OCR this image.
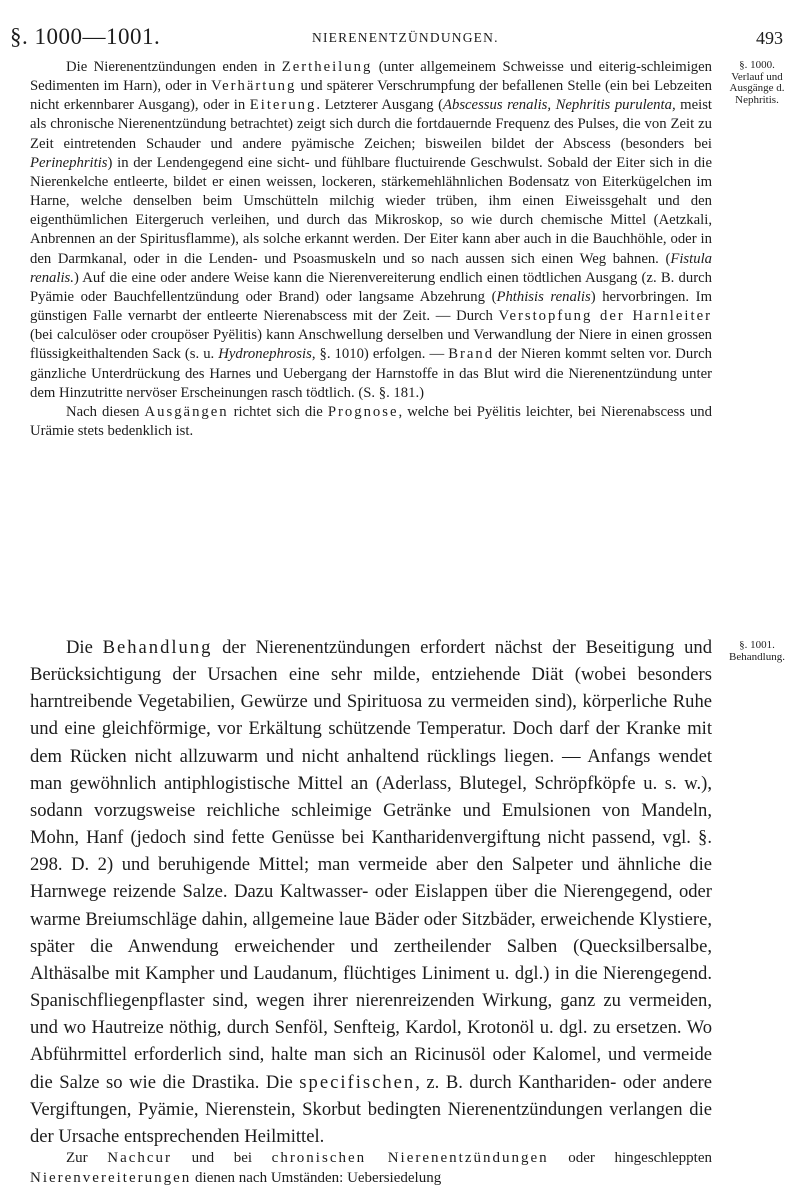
§. 1000—1001.	NIERENENTZÜNDUNGEN.	493
§. 1000.
Verlauf und Ausgänge d. Nephritis.

Die Nierenentzündungen enden in Zertheilung (unter allgemeinem Schweisse und eiterig-schleimigen Sedimenten im Harn), oder in Verhärtung und späterer Verschrumpfung der befallenen Stelle (ein bei Lebzeiten nicht erkennbarer Ausgang), oder in Eiterung. Letzterer Ausgang (Abscessus renalis, Nephritis purulenta, meist als chronische Nierenentzündung betrachtet) zeigt sich durch die fortdauernde Frequenz des Pulses, die von Zeit zu Zeit eintretenden Schauder und andere pyämische Zeichen; bisweilen bildet der Abscess (besonders bei Perinephritis) in der Lendengegend eine sicht- und fühlbare fluctuirende Geschwulst. Sobald der Eiter sich in die Nierenkelche entleerte, bildet er einen weissen, lockeren, stärkemehlähnlichen Bodensatz von Eiterkügelchen im Harne, welche denselben beim Umschütteln milchig wieder trüben, ihm einen Eiweissgehalt und den eigenthümlichen Eitergeruch verleihen, und durch das Mikroskop, so wie durch chemische Mittel (Aetzkali, Anbrennen an der Spiritusflamme), als solche erkannt werden. Der Eiter kann aber auch in die Bauchhöhle, oder in den Darmkanal, oder in die Lenden- und Psoasmuskeln und so nach aussen sich einen Weg bahnen. (Fistula renalis.) Auf die eine oder andere Weise kann die Nierenvereiterung endlich einen tödtlichen Ausgang (z. B. durch Pyämie oder Bauchfellentzündung oder Brand) oder langsame Abzehrung (Phthisis renalis) hervorbringen. Im günstigen Falle vernarbt der entleerte Nierenabscess mit der Zeit. — Durch Verstopfung der Harnleiter (bei calculöser oder croupöser Pyëlitis) kann Anschwellung derselben und Verwandlung der Niere in einen grossen flüssigkeithaltenden Sack (s. u. Hydronephrosis, §. 1010) erfolgen. — Brand der Nieren kommt selten vor. Durch gänzliche Unterdrückung des Harnes und Uebergang der Harnstoffe in das Blut wird die Nierenentzündung unter dem Hinzutritte nervöser Erscheinungen rasch tödtlich. (S. §. 181.)

Nach diesen Ausgängen richtet sich die Prognose, welche bei Pyëlitis leichter, bei Nierenabscess und Urämie stets bedenklich ist.

§. 1001.
Behandlung.

Die Behandlung der Nierenentzündungen erfordert nächst der Beseitigung und Berücksichtigung der Ursachen eine sehr milde, entziehende Diät (wobei besonders harntreibende Vegetabilien, Gewürze und Spirituosa zu vermeiden sind), körperliche Ruhe und eine gleichförmige, vor Erkältung schützende Temperatur. Doch darf der Kranke mit dem Rücken nicht allzuwarm und nicht anhaltend rücklings liegen. — Anfangs wendet man gewöhnlich antiphlogistische Mittel an (Aderlass, Blutegel, Schröpfköpfe u. s. w.), sodann vorzugsweise reichliche schleimige Getränke und Emulsionen von Mandeln, Mohn, Hanf (jedoch sind fette Genüsse bei Kantharidenvergiftung nicht passend, vgl. §. 298. D. 2) und beruhigende Mittel; man vermeide aber den Salpeter und ähnliche die Harnwege reizende Salze. Dazu Kaltwasser- oder Eislappen über die Nierengegend, oder warme Breiumschläge dahin, allgemeine laue Bäder oder Sitzbäder, erweichende Klystiere, später die Anwendung erweichender und zertheilender Salben (Quecksilbersalbe, Althäsalbe mit Kampher und Laudanum, flüchtiges Liniment u. dgl.) in die Nierengegend. Spanischfliegenpflaster sind, wegen ihrer nierenreizenden Wirkung, ganz zu vermeiden, und wo Hautreize nöthig, durch Senföl, Senfteig, Kardol, Krotonöl u. dgl. zu ersetzen. Wo Abführmittel erforderlich sind, halte man sich an Ricinusöl oder Kalomel, und vermeide die Salze so wie die Drastika. Die specifischen, z. B. durch Kanthariden- oder andere Vergiftungen, Pyämie, Nierenstein, Skorbut bedingten Nierenentzündungen verlangen die der Ursache entsprechenden Heilmittel.

Zur Nachcur und bei chronischen Nierenentzündungen oder hingeschleppten Nierenvereiterungen dienen nach Umständen: Uebersiedelung
